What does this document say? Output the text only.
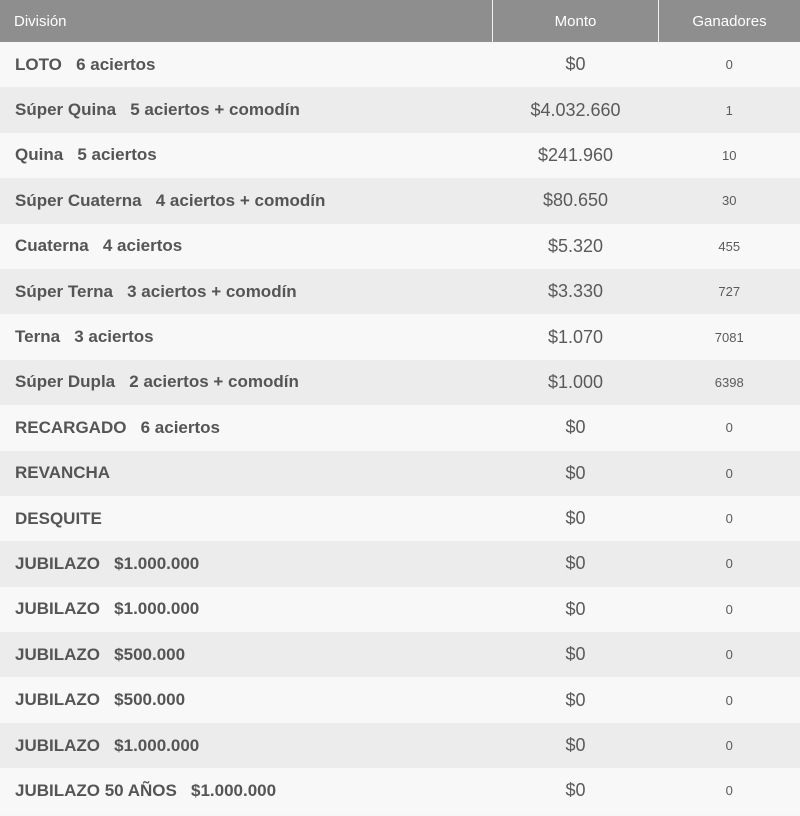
División	Monto	Ganadores
LOTO   6 aciertos	$0	0
Súper Quina   5 aciertos + comodín	$4.032.660	1
Quina   5 aciertos	$241.960	10
Súper Cuaterna   4 aciertos + comodín	$80.650	30
Cuaterna   4 aciertos	$5.320	455
Súper Terna   3 aciertos + comodín	$3.330	727
Terna   3 aciertos	$1.070	7081
Súper Dupla   2 aciertos + comodín	$1.000	6398
RECARGADO   6 aciertos	$0	0
REVANCHA	$0	0
DESQUITE	$0	0
JUBILAZO   $1.000.000	$0	0
JUBILAZO   $1.000.000	$0	0
JUBILAZO   $500.000	$0	0
JUBILAZO   $500.000	$0	0
JUBILAZO   $1.000.000	$0	0
JUBILAZO 50 AÑOS   $1.000.000	$0	0
